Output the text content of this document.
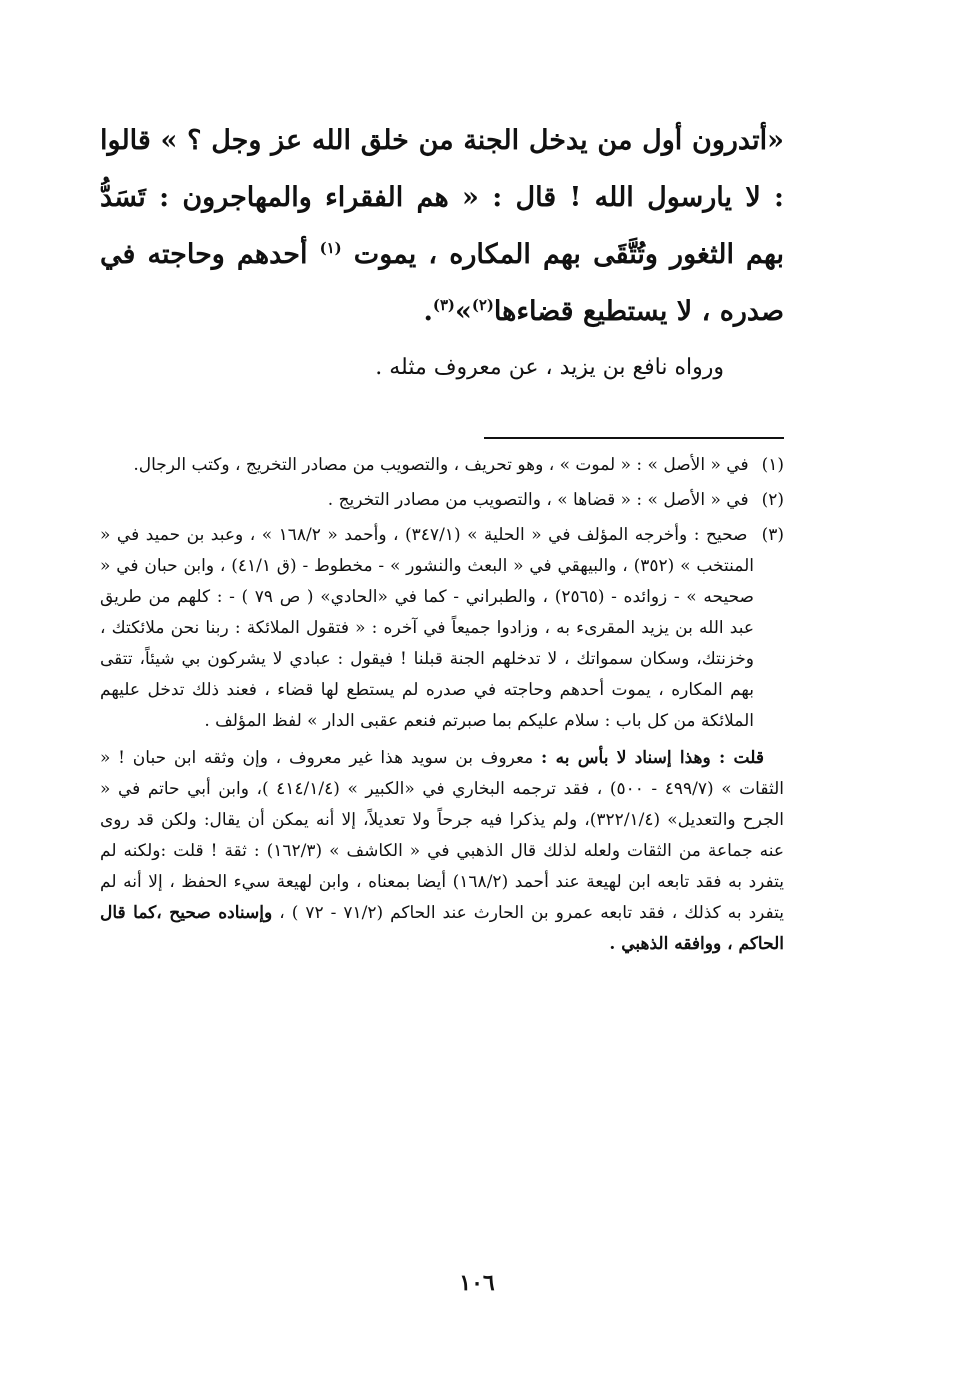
«أتدرون أول من يدخل الجنة من خلق الله عز وجل ؟ » قالوا : لا يارسول الله ! قال : « هم الفقراء والمهاجرون : تَسَدُّ بهم الثغور وتُتَّقَى بهم المكاره ، يموت $^{(١)}$ أحدهم وحاجته في صدره ، لا يستطيع قضاءها$^{(٢)}$»$^{(٣)}$.

ورواه نافع بن يزيد ، عن معروف مثله .

(١) في « الأصل » : « لموت » ، وهو تحريف ، والتصويب من مصادر التخريج ، وكتب الرجال.

(٢) في « الأصل » : « قضاها » ، والتصويب من مصادر التخريج .

(٣) صحيح : وأخرجه المؤلف في « الحلية » (٣٤٧/١) ، وأحمد « ١٦٨/٢ » ، وعبد بن حميد في « المنتخب » (٣٥٢) ، والبيهقي في « البعث والنشور » - مخطوط - (ق ٤١/١) ، وابن حبان في « صحيحه » - زوائده - (٢٥٦٥) ، والطبراني - كما في «الحادي» ( ص ٧٩ ) - : كلهم من طريق عبد الله بن يزيد المقرىء به ، وزادوا جميعاً في آخره : « فتقول الملائكة : ربنا نحن ملائكتك ، وخزنتك، وسكان سمواتك ، لا تدخلهم الجنة قبلنا ! فيقول : عبادي لا يشركون بي شيئاً، تتقى بهم المكاره ، يموت أحدهم وحاجته في صدره لم يستطع لها قضاء ، فعند ذلك تدخل عليهم الملائكة من كل باب : سلام عليكم بما صبرتم فنعم عقبى الدار » لفظ المؤلف .

قلت : وهذا إسناد لا بأس به : معروف بن سويد هذا غير معروف ، وإن وثقه ابن حبان ! « الثقات » (٤٩٩/٧ - ٥٠٠) ، فقد ترجمه البخاري في «الكبير » (٤١٤/١/٤ )، وابن أبي حاتم في « الجرح والتعديل» (٣٢٢/١/٤)، ولم يذكرا فيه جرحاً ولا تعديلاً، إلا أنه يمكن أن يقال: ولكن قد روى عنه جماعة من الثقات ولعله لذلك قال الذهبي في « الكاشف » (١٦٢/٣) : ثقة ! قلت :ولكنه لم يتفرد به فقد تابعه ابن لهيعة عند أحمد (١٦٨/٢) أيضا بمعناه ، وابن لهيعة سيء الحفظ ، إلا أنه لم يتفرد به كذلك ، فقد تابعه عمرو بن الحارث عند الحاكم (٧١/٢ - ٧٢ ) ، وإسناده صحيح ،كما قال الحاكم ، ووافقه الذهبي .

١٠٦
